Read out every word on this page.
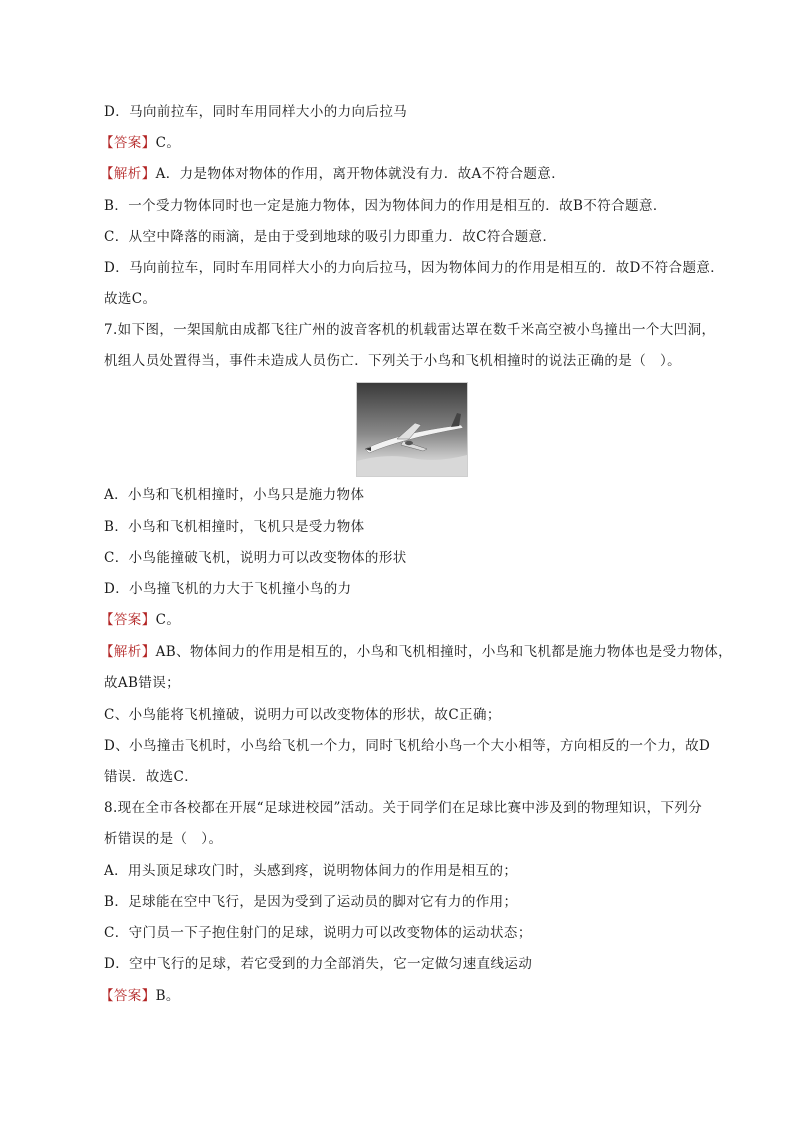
D．马向前拉车，同时车用同样大小的力向后拉马
【答案】C。
【解析】A．力是物体对物体的作用，离开物体就没有力．故A不符合题意．
B．一个受力物体同时也一定是施力物体，因为物体间力的作用是相互的．故B不符合题意．
C．从空中降落的雨滴，是由于受到地球的吸引力即重力．故C符合题意．
D．马向前拉车，同时车用同样大小的力向后拉马，因为物体间力的作用是相互的．故D不符合题意．
故选C。
7.如下图，一架国航由成都飞往广州的波音客机的机载雷达罩在数千米高空被小鸟撞出一个大凹洞，
机组人员处置得当，事件未造成人员伤亡．下列关于小鸟和飞机相撞时的说法正确的是（　）。
A．小鸟和飞机相撞时，小鸟只是施力物体
B．小鸟和飞机相撞时，飞机只是受力物体
C．小鸟能撞破飞机，说明力可以改变物体的形状
D．小鸟撞飞机的力大于飞机撞小鸟的力
【答案】C。
【解析】AB、物体间力的作用是相互的，小鸟和飞机相撞时，小鸟和飞机都是施力物体也是受力物体，
故AB错误；
C、小鸟能将飞机撞破，说明力可以改变物体的形状，故C正确；
D、小鸟撞击飞机时，小鸟给飞机一个力，同时飞机给小鸟一个大小相等，方向相反的一个力，故D
错误．故选C．
8.现在全市各校都在开展“足球进校园”活动。关于同学们在足球比赛中涉及到的物理知识，下列分
析错误的是（　）。
A．用头顶足球攻门时，头感到疼，说明物体间力的作用是相互的；
B．足球能在空中飞行，是因为受到了运动员的脚对它有力的作用；
C．守门员一下子抱住射门的足球，说明力可以改变物体的运动状态；
D．空中飞行的足球，若它受到的力全部消失，它一定做匀速直线运动
【答案】B。
